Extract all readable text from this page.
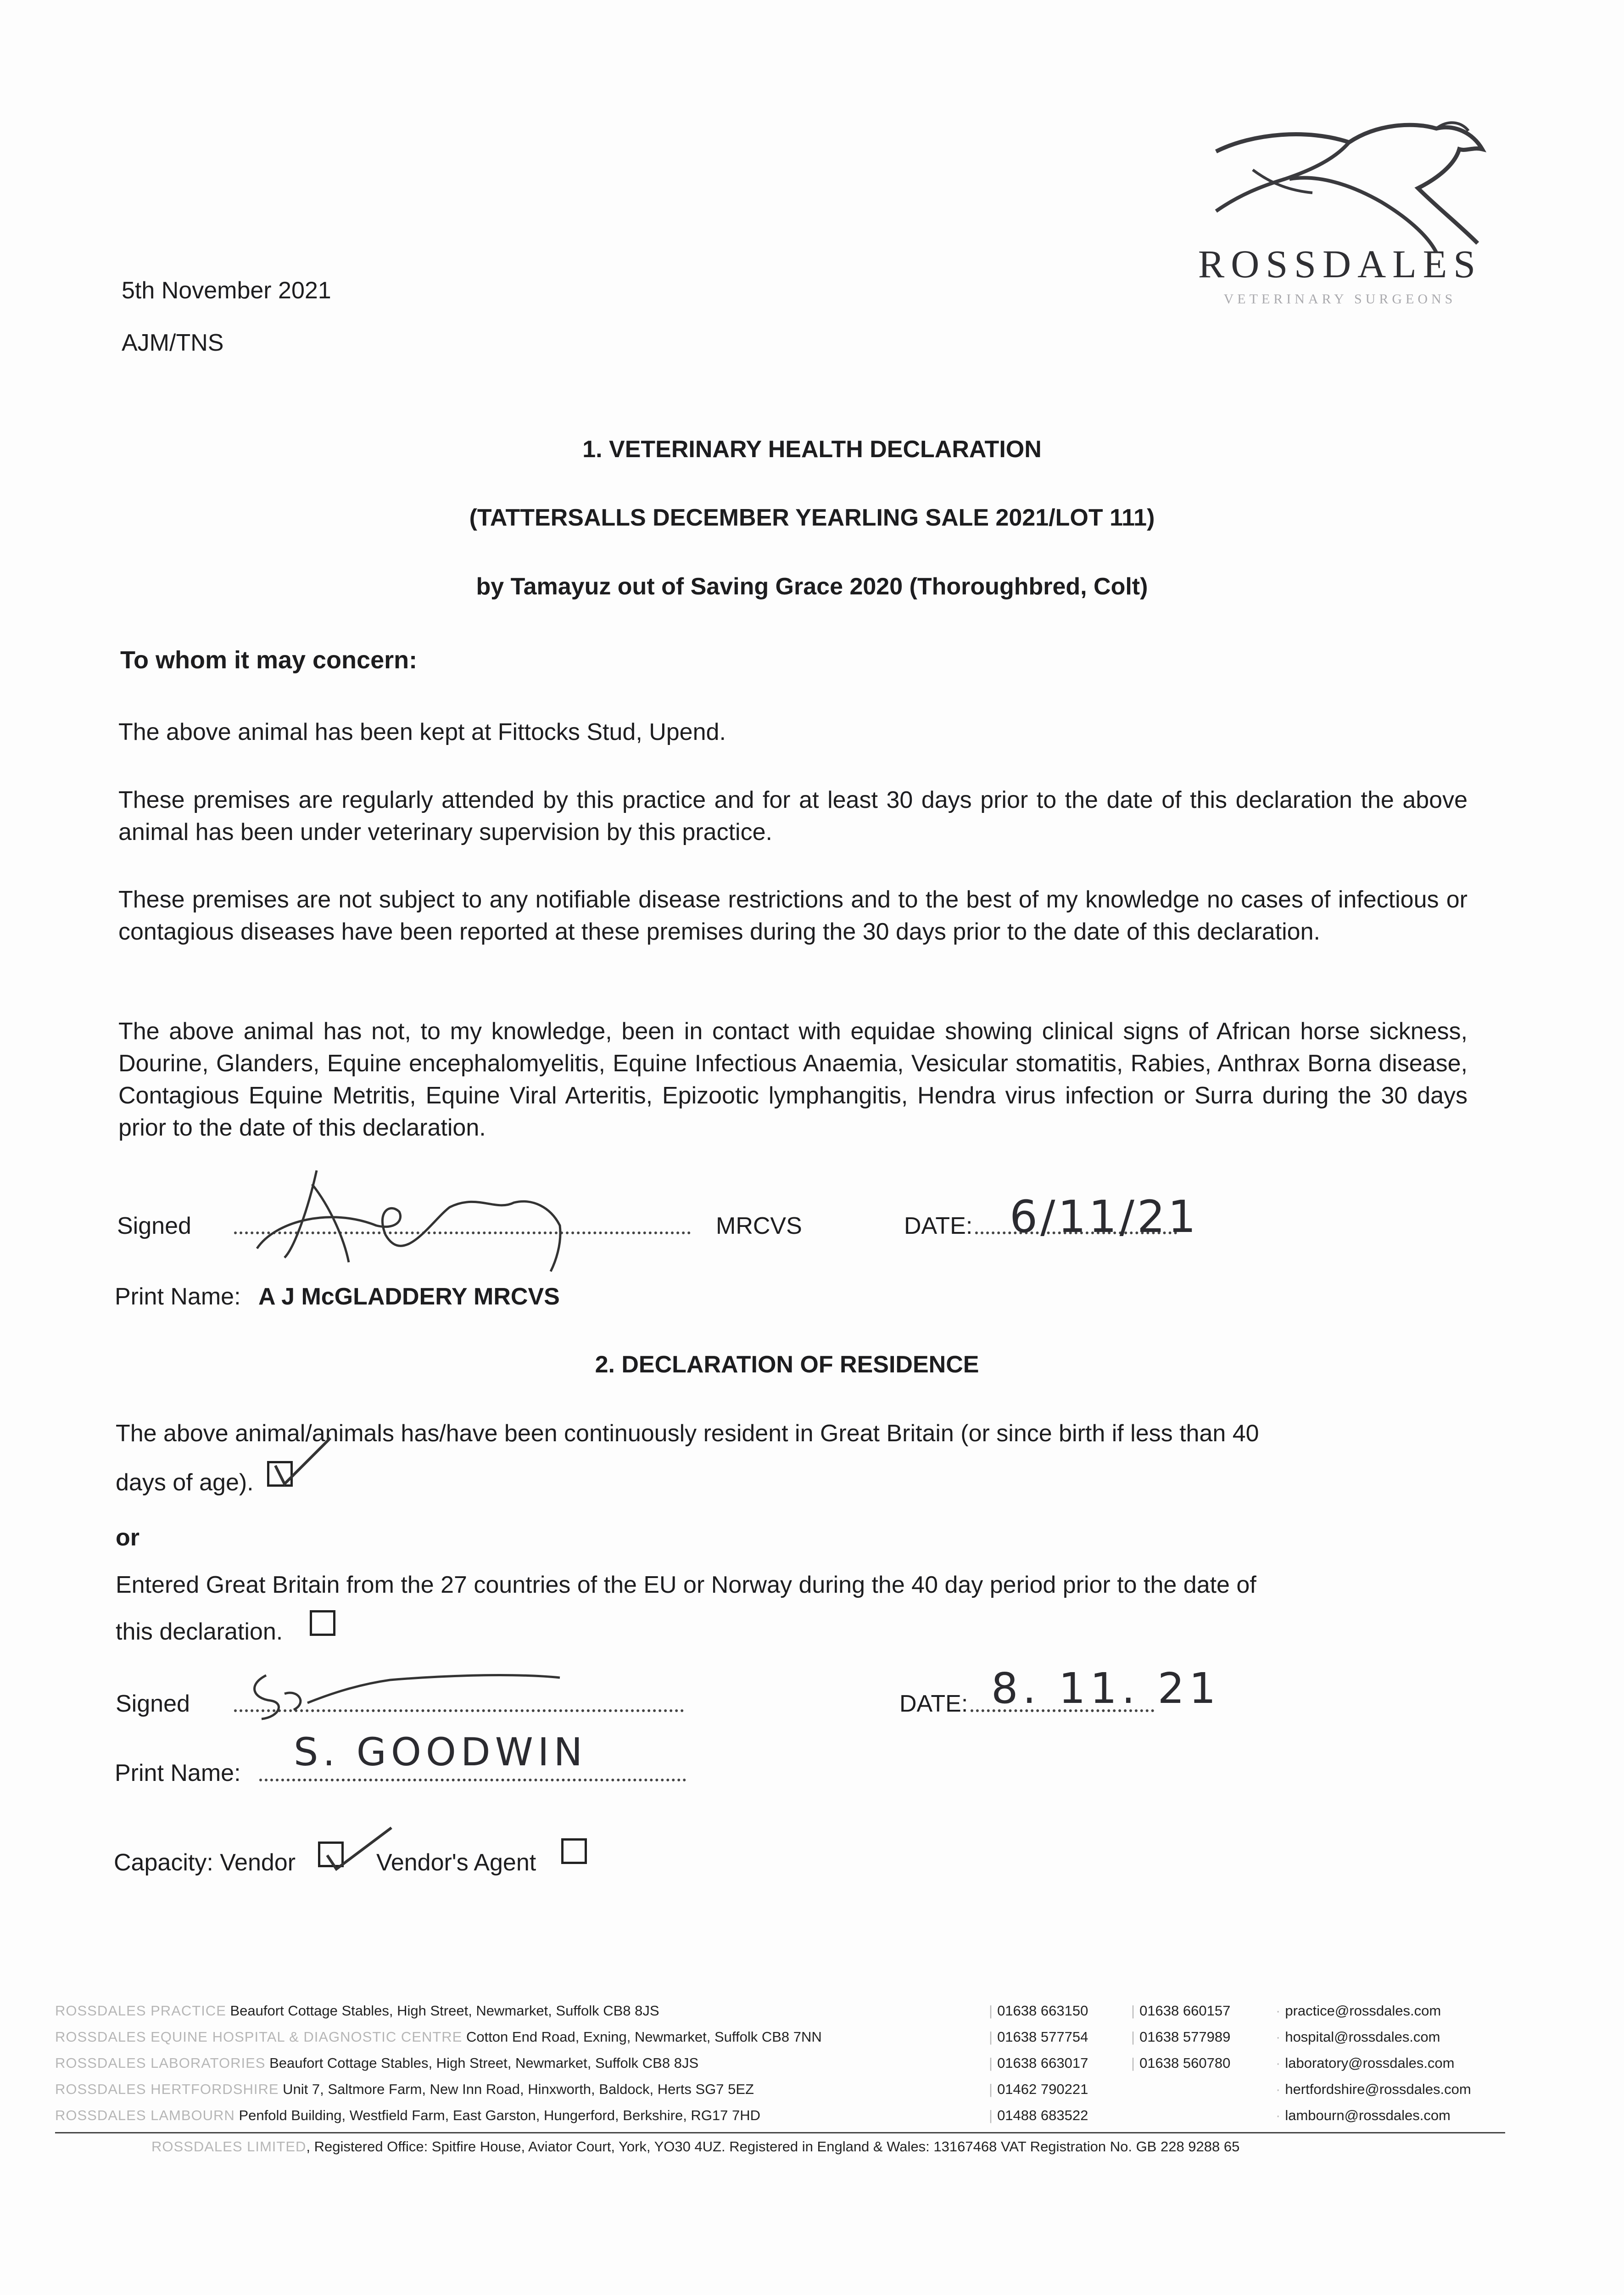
ROSSDALES
VETERINARY SURGEONS
5th November 2021
AJM/TNS
1. VETERINARY HEALTH DECLARATION
(TATTERSALLS DECEMBER YEARLING SALE 2021/LOT 111)
by Tamayuz out of Saving Grace 2020 (Thoroughbred, Colt)
To whom it may concern:
The above animal has been kept at Fittocks Stud, Upend.
These premises are regularly attended by this practice and for at least 30 days prior to the date of this declaration the above animal has been under veterinary supervision by this practice.
These premises are not subject to any notifiable disease restrictions and to the best of my knowledge no cases of infectious or contagious diseases have been reported at these premises during the 30 days prior to the date of this declaration.
The above animal has not, to my knowledge, been in contact with equidae showing clinical signs of African horse sickness, Dourine, Glanders, Equine encephalomyelitis, Equine Infectious Anaemia, Vesicular stomatitis, Rabies, Anthrax Borna disease, Contagious Equine Metritis, Equine Viral Arteritis, Epizootic lymphangitis, Hendra virus infection or Surra during the 30 days prior to the date of this declaration.
Signed	MRCVS	DATE: 6/11/21
Print Name: A J McGLADDERY MRCVS
2. DECLARATION OF RESIDENCE
The above animal/animals has/have been continuously resident in Great Britain (or since birth if less than 40
days of age).
or
Entered Great Britain from the 27 countries of the EU or Norway during the 40 day period prior to the date of
this declaration.
Signed	DATE: 8. 11. 21
Print Name: S. GOODWIN
Capacity: Vendor	Vendor's Agent
ROSSDALES PRACTICE Beaufort Cottage Stables, High Street, Newmarket, Suffolk CB8 8JS	| 01638 663150	| 01638 660157	· practice@rossdales.com
ROSSDALES EQUINE HOSPITAL & DIAGNOSTIC CENTRE Cotton End Road, Exning, Newmarket, Suffolk CB8 7NN	| 01638 577754	| 01638 577989	· hospital@rossdales.com
ROSSDALES LABORATORIES Beaufort Cottage Stables, High Street, Newmarket, Suffolk CB8 8JS	| 01638 663017	| 01638 560780	· laboratory@rossdales.com
ROSSDALES HERTFORDSHIRE Unit 7, Saltmore Farm, New Inn Road, Hinxworth, Baldock, Herts SG7 5EZ	| 01462 790221	· hertfordshire@rossdales.com
ROSSDALES LAMBOURN Penfold Building, Westfield Farm, East Garston, Hungerford, Berkshire, RG17 7HD	| 01488 683522	· lambourn@rossdales.com
ROSSDALES LIMITED, Registered Office: Spitfire House, Aviator Court, York, YO30 4UZ. Registered in England & Wales: 13167468 VAT Registration No. GB 228 9288 65
